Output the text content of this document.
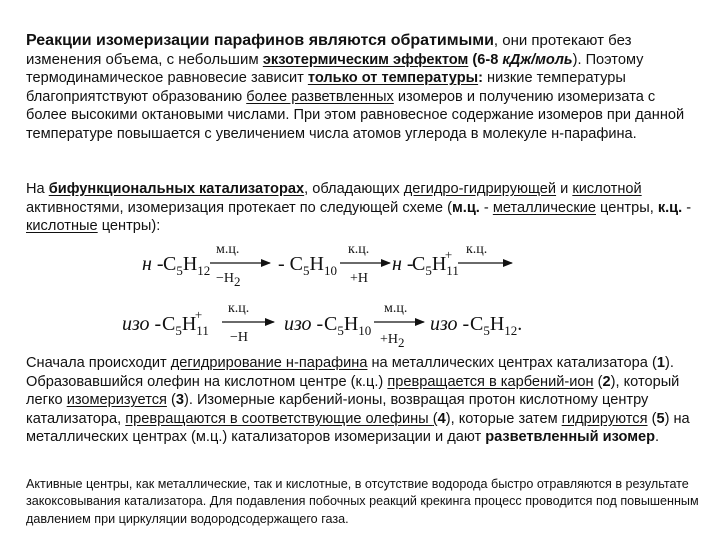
Реакции изомеризации парафинов являются обратимыми, они протекают без изменения объема, с небольшим экзотермическим эффектом (6-8 кДж/моль). Поэтому термодинамическое равновесие зависит только от температуры: низкие температуры благоприятствуют образованию более разветвленных изомеров и получению изомеризата с более высокими октановыми числами. При этом равновесное содержание изомеров при данной температуре повышается с увеличением числа атомов углерода в молекуле н-парафина.

На бифункциональных катализаторах, обладающих дегидро-гидрирующей и кислотной активностями, изомеризация протекает по следующей схеме (м.ц. - металлические центры, к.ц. - кислотные центры):

н - $C_5H_{12}$
м.ц.
−H2
- $C_5H_{10}$
к.ц.
+H
н -
$C_5H_{11}+ к.ц$.
изо - $C_5H_{11}+$	к.ц.
−H
изо - $C_5H_{10}$
м.ц.
+H2
изо - $C_5H_{12}$.

Сначала происходит дегидрирование н-парафина на металлических центрах катализатора (1). Образовавшийся олефин на кислотном центре (к.ц.) превращается в карбений-ион (2), который легко изомеризуется (3). Изомерные карбений-ионы, возвращая протон кислотному центру катализатора, превращаются в соответствующие олефины (4), которые затем гидрируются (5) на металлических центрах (м.ц.) катализаторов изомеризации и дают разветвленный изомер.

Активные центры, как металлические, так и кислотные, в отсутствие водорода быстро отравляются в результате закоксовывания катализатора. Для подавления побочных реакций крекинга процесс проводится под повышенным давлением при циркуляции водородсодержащего газа.
